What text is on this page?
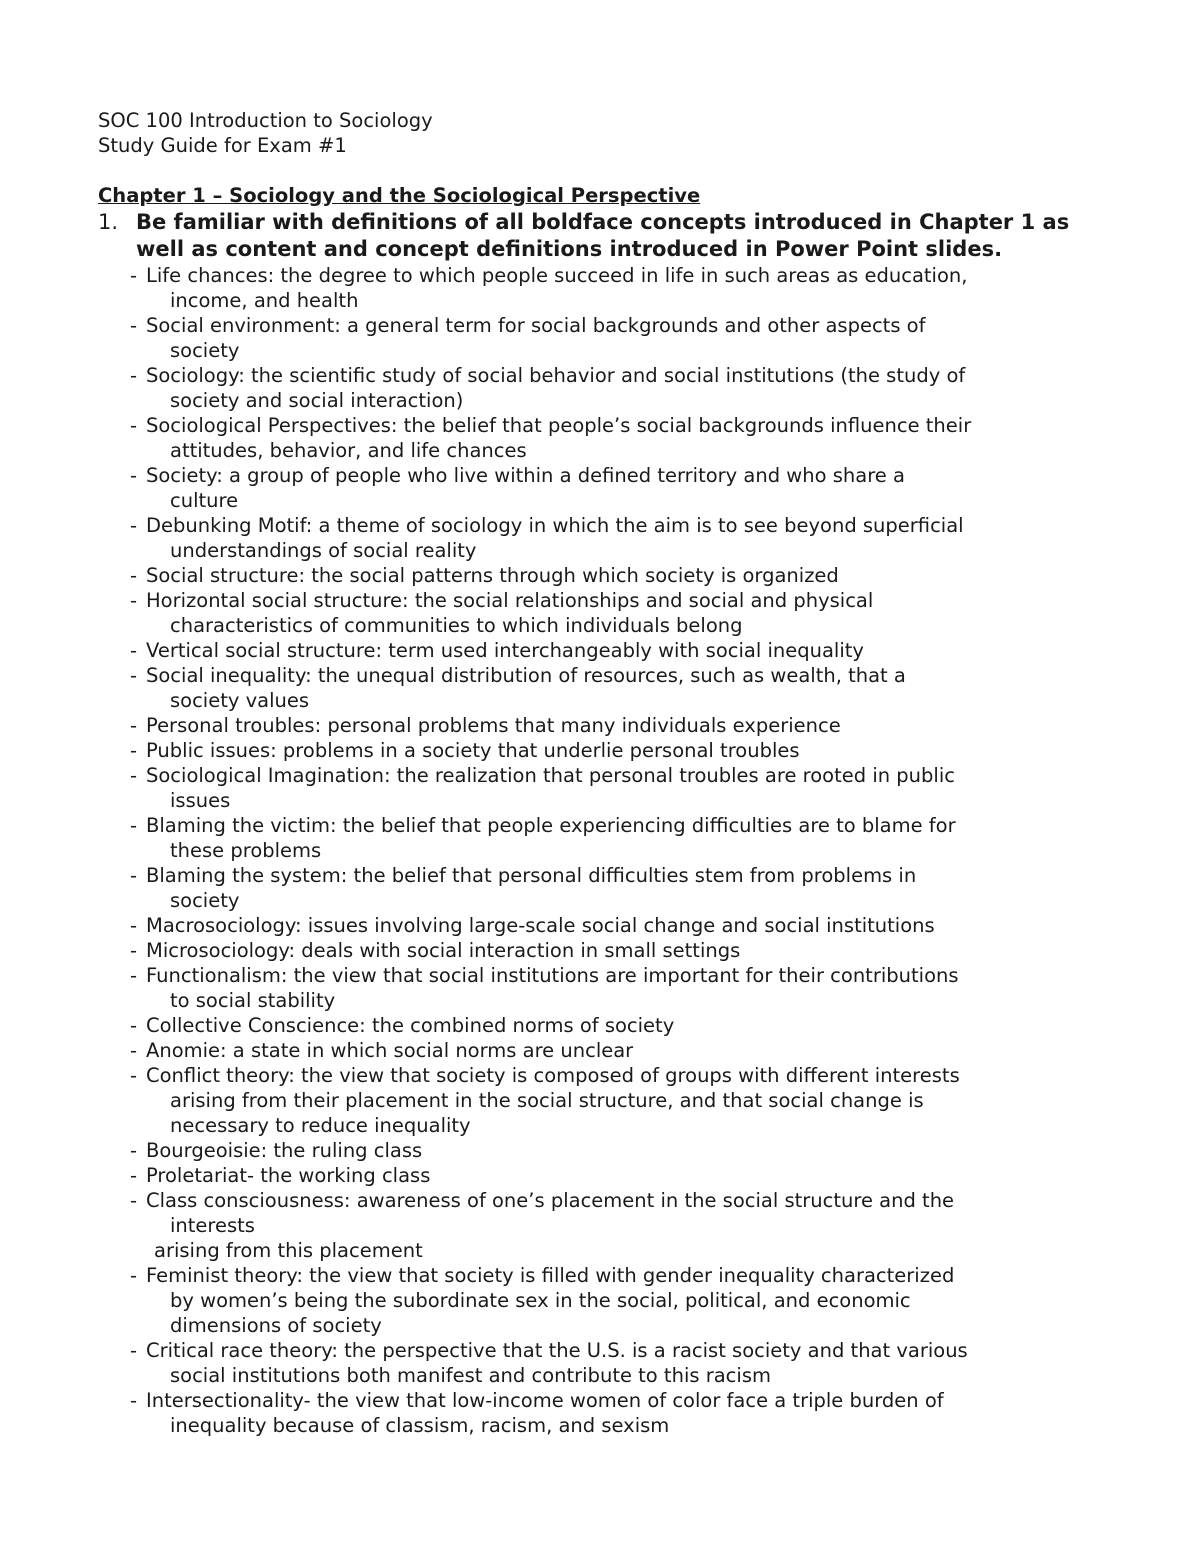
SOC 100 Introduction to Sociology
Study Guide for Exam #1
Chapter 1 – Sociology and the Sociological Perspective
1. Be familiar with definitions of all boldface concepts introduced in Chapter 1 as
well as content and concept definitions introduced in Power Point slides.
- Life chances: the degree to which people succeed in life in such areas as education,
income, and health
- Social environment: a general term for social backgrounds and other aspects of
society
- Sociology: the scientific study of social behavior and social institutions (the study of
society and social interaction)
- Sociological Perspectives: the belief that people’s social backgrounds influence their
attitudes, behavior, and life chances
- Society: a group of people who live within a defined territory and who share a
culture
- Debunking Motif: a theme of sociology in which the aim is to see beyond superficial
understandings of social reality
- Social structure: the social patterns through which society is organized
- Horizontal social structure: the social relationships and social and physical
characteristics of communities to which individuals belong
- Vertical social structure: term used interchangeably with social inequality
- Social inequality: the unequal distribution of resources, such as wealth, that a
society values
- Personal troubles: personal problems that many individuals experience
- Public issues: problems in a society that underlie personal troubles
- Sociological Imagination: the realization that personal troubles are rooted in public
issues
- Blaming the victim: the belief that people experiencing difficulties are to blame for
these problems
- Blaming the system: the belief that personal difficulties stem from problems in
society
- Macrosociology: issues involving large-scale social change and social institutions
- Microsociology: deals with social interaction in small settings
- Functionalism: the view that social institutions are important for their contributions
to social stability
- Collective Conscience: the combined norms of society
- Anomie: a state in which social norms are unclear
- Conflict theory: the view that society is composed of groups with different interests
arising from their placement in the social structure, and that social change is
necessary to reduce inequality
- Bourgeoisie: the ruling class
- Proletariat- the working class
- Class consciousness: awareness of one’s placement in the social structure and the
interests
arising from this placement
- Feminist theory: the view that society is filled with gender inequality characterized
by women’s being the subordinate sex in the social, political, and economic
dimensions of society
- Critical race theory: the perspective that the U.S. is a racist society and that various
social institutions both manifest and contribute to this racism
- Intersectionality- the view that low-income women of color face a triple burden of
inequality because of classism, racism, and sexism
